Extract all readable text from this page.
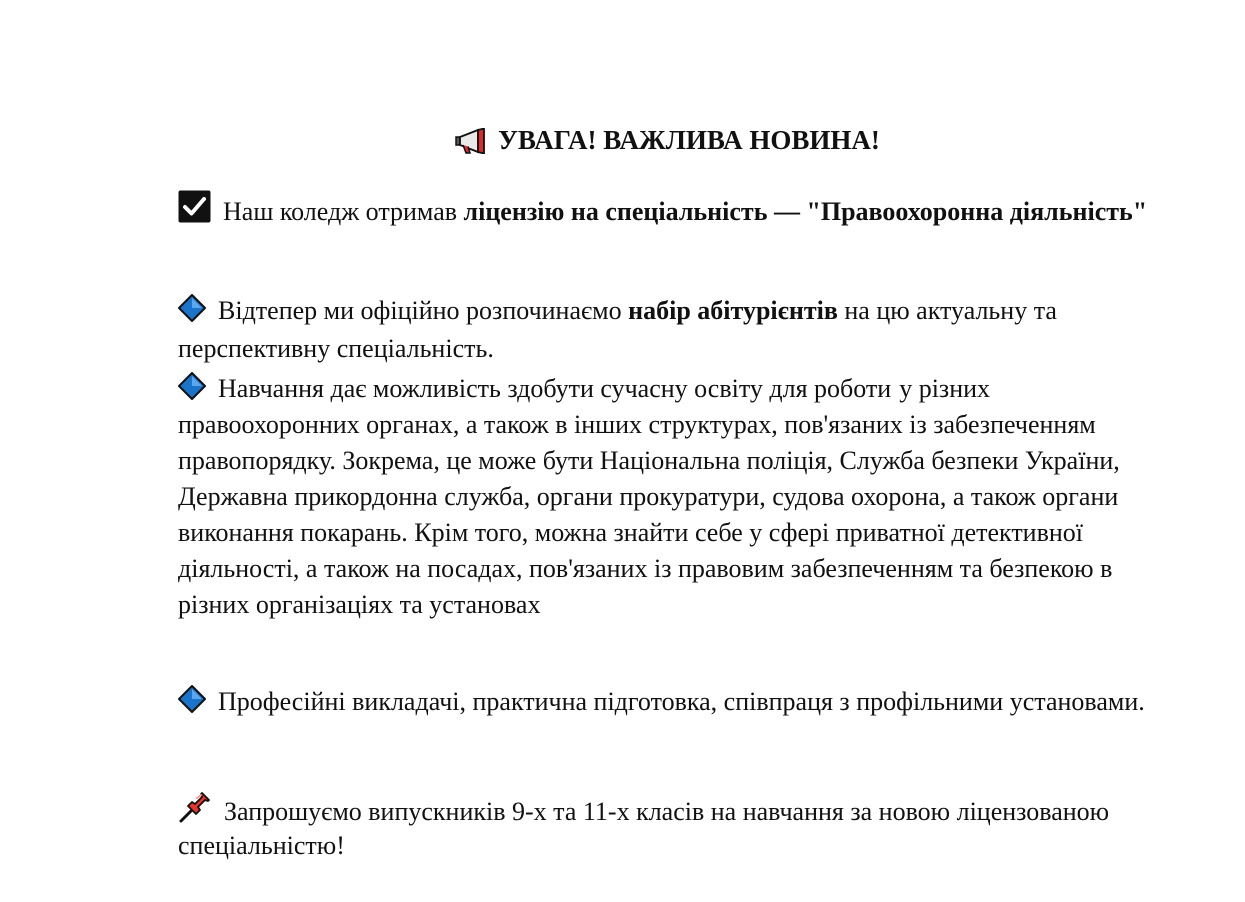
УВАГА! ВАЖЛИВА НОВИНА!
Наш коледж отримав ліцензію на спеціальність — "Правоохоронна діяльність"
Відтепер ми офіційно розпочинаємо набір абітурієнтів на цю актуальну та перспективну спеціальність.
Навчання дає можливість здобути сучасну освіту для роботи у різних правоохоронних органах, а також в інших структурах, пов'язаних із забезпеченням правопорядку. Зокрема, це може бути Національна поліція, Служба безпеки України, Державна прикордонна служба, органи прокуратури, судова охорона, а також органи виконання покарань. Крім того, можна знайти себе у сфері приватної детективної діяльності, а також на посадах, пов'язаних із правовим забезпеченням та безпекою в різних організаціях та установах
Професійні викладачі, практична підготовка, співпраця з профільними установами.
Запрошуємо випускників 9-х та 11-х класів на навчання за новою ліцензованою спеціальністю!
